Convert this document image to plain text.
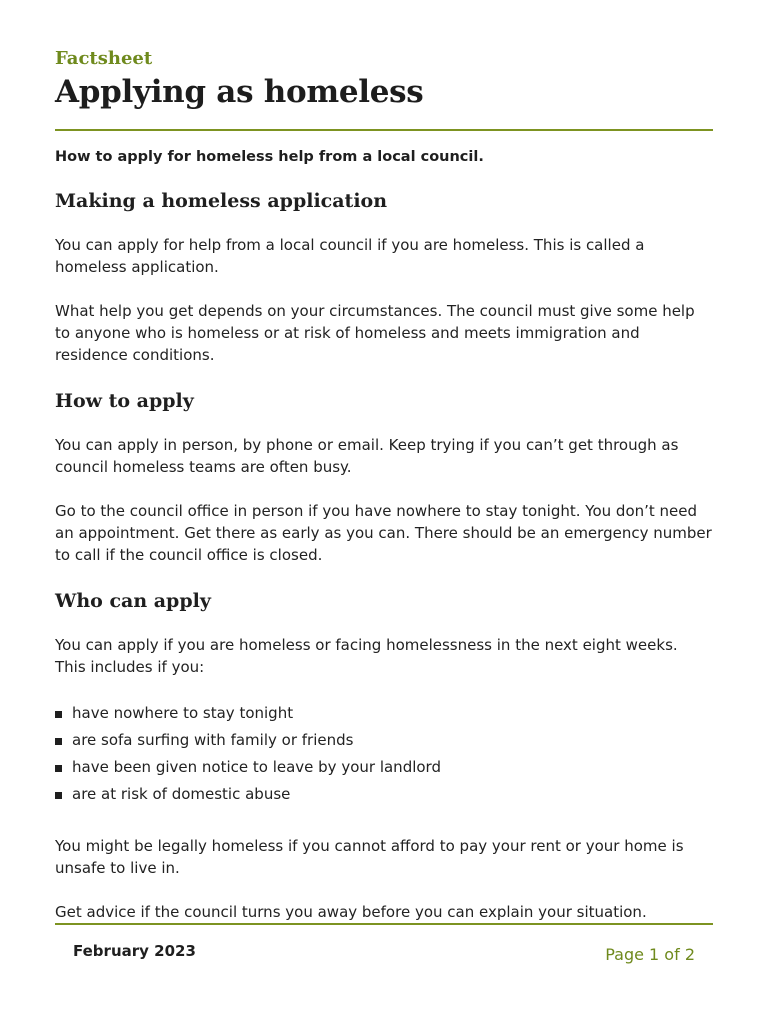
Factsheet
Applying as homeless

How to apply for homeless help from a local council.

Making a homeless application

You can apply for help from a local council if you are homeless. This is called a homeless application.

What help you get depends on your circumstances. The council must give some help to anyone who is homeless or at risk of homeless and meets immigration and residence conditions.

How to apply

You can apply in person, by phone or email. Keep trying if you can’t get through as council homeless teams are often busy.

Go to the council office in person if you have nowhere to stay tonight. You don’t need an appointment. Get there as early as you can. There should be an emergency number to call if the council office is closed.

Who can apply

You can apply if you are homeless or facing homelessness in the next eight weeks. This includes if you:

have nowhere to stay tonight
are sofa surfing with family or friends
have been given notice to leave by your landlord
are at risk of domestic abuse

You might be legally homeless if you cannot afford to pay your rent or your home is unsafe to live in.

Get advice if the council turns you away before you can explain your situation.

February 2023	Page 1 of 2
